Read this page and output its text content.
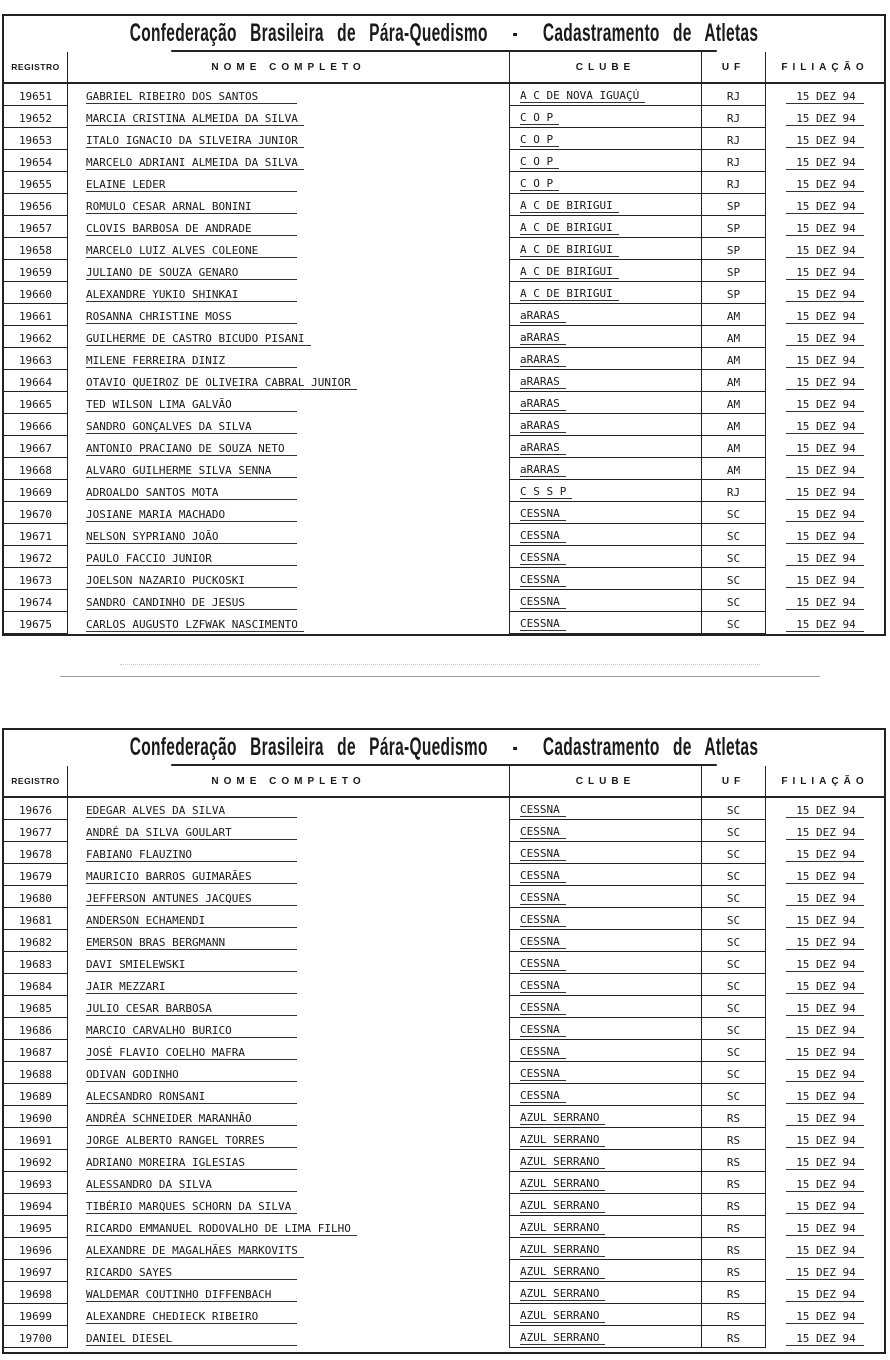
Confederação Brasileira de Pára-Quedismo - Cadastramento de Atletas
REGISTRO	NOME COMPLETO	CLUBE	UF	FILIAÇÃO
19651	GABRIEL RIBEIRO DOS SANTOS	A C DE NOVA IGUAÇÚ	RJ	15 DEZ 94
19652	MARCIA CRISTINA ALMEIDA DA SILVA	C O P	RJ	15 DEZ 94
19653	ITALO IGNACIO DA SILVEIRA JUNIOR	C O P	RJ	15 DEZ 94
19654	MARCELO ADRIANI ALMEIDA DA SILVA	C O P	RJ	15 DEZ 94
19655	ELAINE LEDER	C O P	RJ	15 DEZ 94
19656	ROMULO CESAR ARNAL BONINI	A C DE BIRIGUI	SP	15 DEZ 94
19657	CLOVIS BARBOSA DE ANDRADE	A C DE BIRIGUI	SP	15 DEZ 94
19658	MARCELO LUIZ ALVES COLEONE	A C DE BIRIGUI	SP	15 DEZ 94
19659	JULIANO DE SOUZA GENARO	A C DE BIRIGUI	SP	15 DEZ 94
19660	ALEXANDRE YUKIO SHINKAI	A C DE BIRIGUI	SP	15 DEZ 94
19661	ROSANNA CHRISTINE MOSS	aRARAS	AM	15 DEZ 94
19662	GUILHERME DE CASTRO BICUDO PISANI	aRARAS	AM	15 DEZ 94
19663	MILENE FERREIRA DINIZ	aRARAS	AM	15 DEZ 94
19664	OTAVIO QUEIROZ DE OLIVEIRA CABRAL JUNIOR	aRARAS	AM	15 DEZ 94
19665	TED WILSON LIMA GALVÃO	aRARAS	AM	15 DEZ 94
19666	SANDRO GONÇALVES DA SILVA	aRARAS	AM	15 DEZ 94
19667	ANTONIO PRACIANO DE SOUZA NETO	aRARAS	AM	15 DEZ 94
19668	ALVARO GUILHERME SILVA SENNA	aRARAS	AM	15 DEZ 94
19669	ADROALDO SANTOS MOTA	C S S P	RJ	15 DEZ 94
19670	JOSIANE MARIA MACHADO	CESSNA	SC	15 DEZ 94
19671	NELSON SYPRIANO JOÃO	CESSNA	SC	15 DEZ 94
19672	PAULO FACCIO JUNIOR	CESSNA	SC	15 DEZ 94
19673	JOELSON NAZARIO PUCKOSKI	CESSNA	SC	15 DEZ 94
19674	SANDRO CANDINHO DE JESUS	CESSNA	SC	15 DEZ 94
19675	CARLOS AUGUSTO LZFWAK NASCIMENTO	CESSNA	SC	15 DEZ 94
Confederação Brasileira de Pára-Quedismo - Cadastramento de Atletas
REGISTRO	NOME COMPLETO	CLUBE	UF	FILIAÇÃO
19676	EDEGAR ALVES DA SILVA	CESSNA	SC	15 DEZ 94
19677	ANDRÉ DA SILVA GOULART	CESSNA	SC	15 DEZ 94
19678	FABIANO FLAUZINO	CESSNA	SC	15 DEZ 94
19679	MAURICIO BARROS GUIMARÃES	CESSNA	SC	15 DEZ 94
19680	JEFFERSON ANTUNES JACQUES	CESSNA	SC	15 DEZ 94
19681	ANDERSON ECHAMENDI	CESSNA	SC	15 DEZ 94
19682	EMERSON BRAS BERGMANN	CESSNA	SC	15 DEZ 94
19683	DAVI SMIELEWSKI	CESSNA	SC	15 DEZ 94
19684	JAIR MEZZARI	CESSNA	SC	15 DEZ 94
19685	JULIO CESAR BARBOSA	CESSNA	SC	15 DEZ 94
19686	MARCIO CARVALHO BURICO	CESSNA	SC	15 DEZ 94
19687	JOSÉ FLAVIO COELHO MAFRA	CESSNA	SC	15 DEZ 94
19688	ODIVAN GODINHO	CESSNA	SC	15 DEZ 94
19689	ALECSANDRO RONSANI	CESSNA	SC	15 DEZ 94
19690	ANDRÉA SCHNEIDER MARANHÃO	AZUL SERRANO	RS	15 DEZ 94
19691	JORGE ALBERTO RANGEL TORRES	AZUL SERRANO	RS	15 DEZ 94
19692	ADRIANO MOREIRA IGLESIAS	AZUL SERRANO	RS	15 DEZ 94
19693	ALESSANDRO DA SILVA	AZUL SERRANO	RS	15 DEZ 94
19694	TIBÉRIO MARQUES SCHORN DA SILVA	AZUL SERRANO	RS	15 DEZ 94
19695	RICARDO EMMANUEL RODOVALHO DE LIMA FILHO	AZUL SERRANO	RS	15 DEZ 94
19696	ALEXANDRE DE MAGALHÃES MARKOVITS	AZUL SERRANO	RS	15 DEZ 94
19697	RICARDO SAYES	AZUL SERRANO	RS	15 DEZ 94
19698	WALDEMAR COUTINHO DIFFENBACH	AZUL SERRANO	RS	15 DEZ 94
19699	ALEXANDRE CHEDIECK RIBEIRO	AZUL SERRANO	RS	15 DEZ 94
19700	DANIEL DIESEL	AZUL SERRANO	RS	15 DEZ 94
